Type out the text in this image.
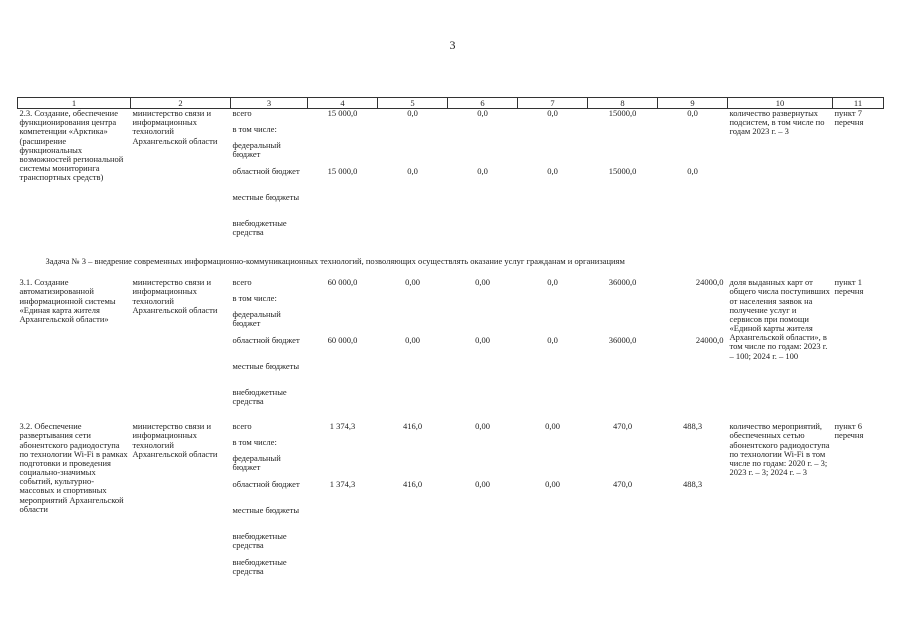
3
1	2	3	4	5	6	7	8	9	10	11
2.3. Создание, обеспечение функционирования центра компетенции «Арктика» (расширение функциональных возможностей региональной системы мониторинга транспортных средств)	министерство связи и информационных технологий Архангельской области	всего	15 000,0	0,0	0,0	0,0	15000,0	0,0	количество развернутых подсистем, в том числе по годам 2023 г. – 3	пункт 7 перечня
		в том числе:								
		федеральный бюджет								
		областной бюджет	15 000,0	0,0	0,0	0,0	15000,0	0,0		
		местные бюджеты								
		внебюджетные средства								
Задача № 3 – внедрение современных информационно-коммуникационных технологий, позволяющих осуществлять оказание услуг гражданам и организациям										
3.1. Создание автоматизированной информационной системы «Единая карта жителя Архангельской области»	министерство связи и информационных технологий Архангельской области	всего	60 000,0	0,00	0,00	0,0	36000,0	24000,0	доля выданных карт от общего числа поступивших от населения заявок на получение услуг и сервисов при помощи «Единой карты жителя Архангельской области», в том числе по годам: 2023 г. – 100; 2024 г. – 100	пункт 1 перечня
		в том числе:								
		федеральный бюджет								
		областной бюджет	60 000,0	0,00	0,00	0,0	36000,0	24000,0		
		местные бюджеты								
		внебюджетные средства								

3.2. Обеспечение развертывания сети абонентского радиодоступа по технологии Wi-Fi в рамках подготовки и проведения социально-значимых событий, культурно-массовых и спортивных мероприятий Архангельской области	министерство связи и информационных технологий Архангельской области	всего	1 374,3	416,0	0,00	0,00	470,0	488,3	количество мероприятий, обеспеченных сетью абонентского радиодоступа по технологии Wi-Fi в том числе по годам: 2020 г. – 3; 2023 г. – 3; 2024 г. – 3	пункт 6 перечня
		в том числе:								
		федеральный бюджет								
		областной бюджет	1 374,3	416,0	0,00	0,00	470,0	488,3		
		местные бюджеты								
		внебюджетные средства								
		внебюджетные средства								
